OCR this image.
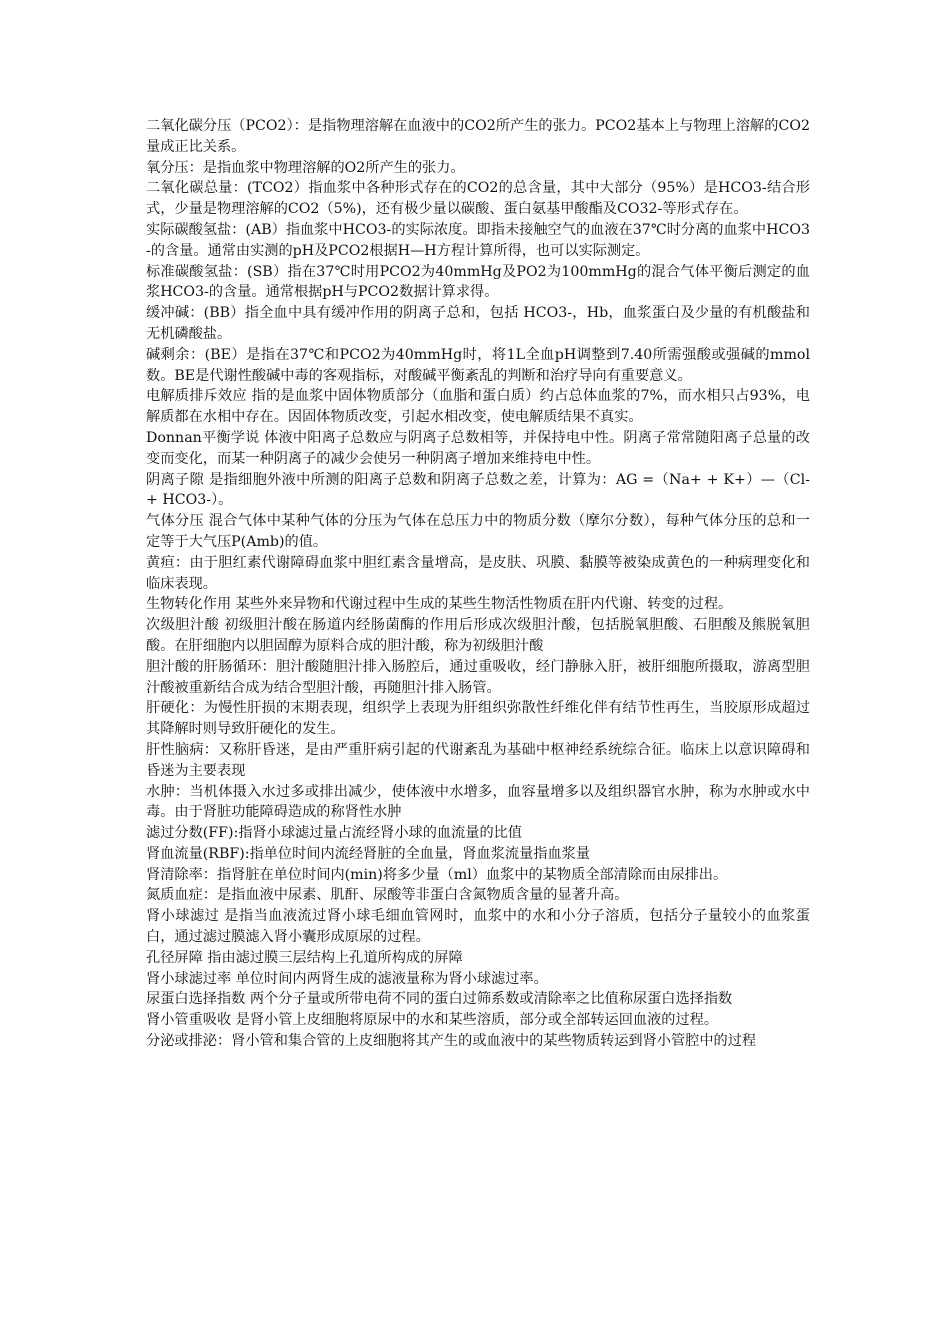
二氧化碳分压（PCO2）：是指物理溶解在血液中的CO2所产生的张力。PCO2基本上与物理上溶解的CO2量成正比关系。

氧分压：是指血浆中物理溶解的O2所产生的张力。

二氧化碳总量：(TCO2）指血浆中各种形式存在的CO2的总含量，其中大部分（95%）是HCO3-结合形式，少量是物理溶解的CO2（5%)，还有极少量以碳酸、蛋白氨基甲酸酯及CO32-等形式存在。

实际碳酸氢盐：(AB）指血浆中HCO3-的实际浓度。即指未接触空气的血液在37℃时分离的血浆中HCO3-的含量。通常由实测的pH及PCO2根据H—H方程计算所得，也可以实际测定。

标准碳酸氢盐：(SB）指在37℃时用PCO2为40mmHg及PO2为100mmHg的混合气体平衡后测定的血浆HCO3-的含量。通常根据pH与PCO2数据计算求得。

缓冲碱：(BB）指全血中具有缓冲作用的阴离子总和，包括 HCO3-，Hb，血浆蛋白及少量的有机酸盐和无机磷酸盐。

碱剩余：(BE）是指在37℃和PCO2为40mmHg时，将1L全血pH调整到7.40所需强酸或强碱的mmol数。BE是代谢性酸碱中毒的客观指标，对酸碱平衡紊乱的判断和治疗导向有重要意义。

电解质排斥效应 指的是血浆中固体物质部分（血脂和蛋白质）约占总体血浆的7%，而水相只占93%，电解质都在水相中存在。因固体物质改变，引起水相改变，使电解质结果不真实。

Donnan平衡学说 体液中阳离子总数应与阴离子总数相等，并保持电中性。阴离子常常随阳离子总量的改变而变化，而某一种阴离子的减少会使另一种阴离子增加来维持电中性。

阴离子隙 是指细胞外液中所测的阳离子总数和阴离子总数之差，计算为：AG =（Na+ + K+）—（Cl- + HCO3-）。

气体分压 混合气体中某种气体的分压为气体在总压力中的物质分数（摩尔分数），每种气体分压的总和一定等于大气压P(Amb)的值。

黄疸：由于胆红素代谢障碍血浆中胆红素含量增高，是皮肤、巩膜、黏膜等被染成黄色的一种病理变化和临床表现。

生物转化作用 某些外来异物和代谢过程中生成的某些生物活性物质在肝内代谢、转变的过程。

次级胆汁酸 初级胆汁酸在肠道内经肠菌酶的作用后形成次级胆汁酸，包括脱氧胆酸、石胆酸及熊脱氧胆酸。在肝细胞内以胆固醇为原料合成的胆汁酸，称为初级胆汁酸

胆汁酸的肝肠循环：胆汁酸随胆汁排入肠腔后，通过重吸收，经门静脉入肝，被肝细胞所摄取，游离型胆汁酸被重新结合成为结合型胆汁酸，再随胆汁排入肠管。

肝硬化：为慢性肝损的末期表现，组织学上表现为肝组织弥散性纤维化伴有结节性再生，当胶原形成超过其降解时则导致肝硬化的发生。

肝性脑病：又称肝昏迷，是由严重肝病引起的代谢紊乱为基础中枢神经系统综合征。临床上以意识障碍和昏迷为主要表现

水肿：当机体摄入水过多或排出减少，使体液中水增多，血容量增多以及组织器官水肿，称为水肿或水中毒。由于肾脏功能障碍造成的称肾性水肿

滤过分数(FF):指肾小球滤过量占流经肾小球的血流量的比值

肾血流量(RBF):指单位时间内流经肾脏的全血量，肾血浆流量指血浆量

肾清除率：指肾脏在单位时间内(min)将多少量（ml）血浆中的某物质全部清除而由尿排出。

氮质血症：是指血液中尿素、肌酐、尿酸等非蛋白含氮物质含量的显著升高。

肾小球滤过 是指当血液流过肾小球毛细血管网时，血浆中的水和小分子溶质，包括分子量较小的血浆蛋白，通过滤过膜滤入肾小囊形成原尿的过程。

孔径屏障 指由滤过膜三层结构上孔道所构成的屏障

肾小球滤过率 单位时间内两肾生成的滤液量称为肾小球滤过率。

尿蛋白选择指数 两个分子量或所带电荷不同的蛋白过筛系数或清除率之比值称尿蛋白选择指数

肾小管重吸收 是肾小管上皮细胞将原尿中的水和某些溶质，部分或全部转运回血液的过程。

分泌或排泌：肾小管和集合管的上皮细胞将其产生的或血液中的某些物质转运到肾小管腔中的过程
